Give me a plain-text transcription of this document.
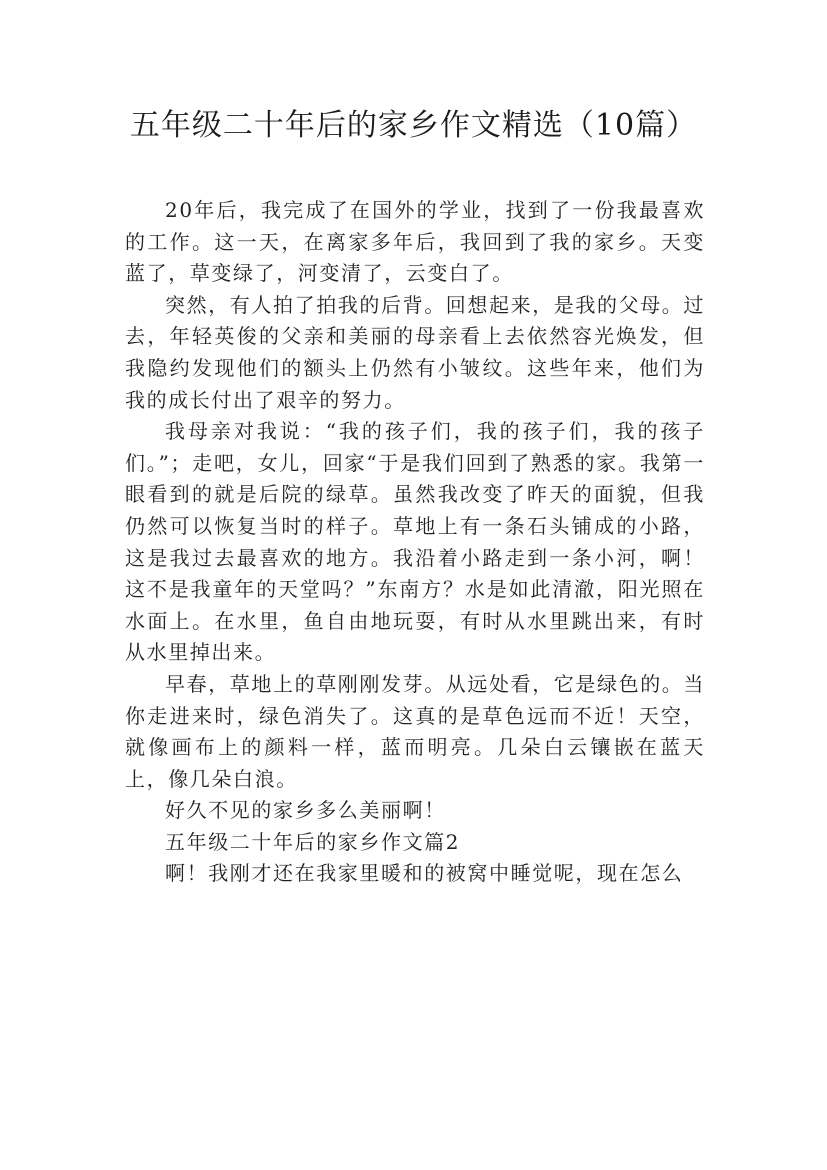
五年级二十年后的家乡作文精选（10篇）

20年后，我完成了在国外的学业，找到了一份我最喜欢的工作。这一天，在离家多年后，我回到了我的家乡。天变蓝了，草变绿了，河变清了，云变白了。

突然，有人拍了拍我的后背。回想起来，是我的父母。过去，年轻英俊的父亲和美丽的母亲看上去依然容光焕发，但我隐约发现他们的额头上仍然有小皱纹。这些年来，他们为我的成长付出了艰辛的努力。

我母亲对我说：“我的孩子们，我的孩子们，我的孩子们。”；走吧，女儿，回家“于是我们回到了熟悉的家。我第一眼看到的就是后院的绿草。虽然我改变了昨天的面貌，但我仍然可以恢复当时的样子。草地上有一条石头铺成的小路，这是我过去最喜欢的地方。我沿着小路走到一条小河，啊！这不是我童年的天堂吗？”东南方？水是如此清澈，阳光照在水面上。在水里，鱼自由地玩耍，有时从水里跳出来，有时从水里掉出来。

早春，草地上的草刚刚发芽。从远处看，它是绿色的。当你走进来时，绿色消失了。这真的是草色远而不近！天空，就像画布上的颜料一样，蓝而明亮。几朵白云镶嵌在蓝天上，像几朵白浪。

好久不见的家乡多么美丽啊！

五年级二十年后的家乡作文篇2

啊！我刚才还在我家里暖和的被窝中睡觉呢，现在怎么
